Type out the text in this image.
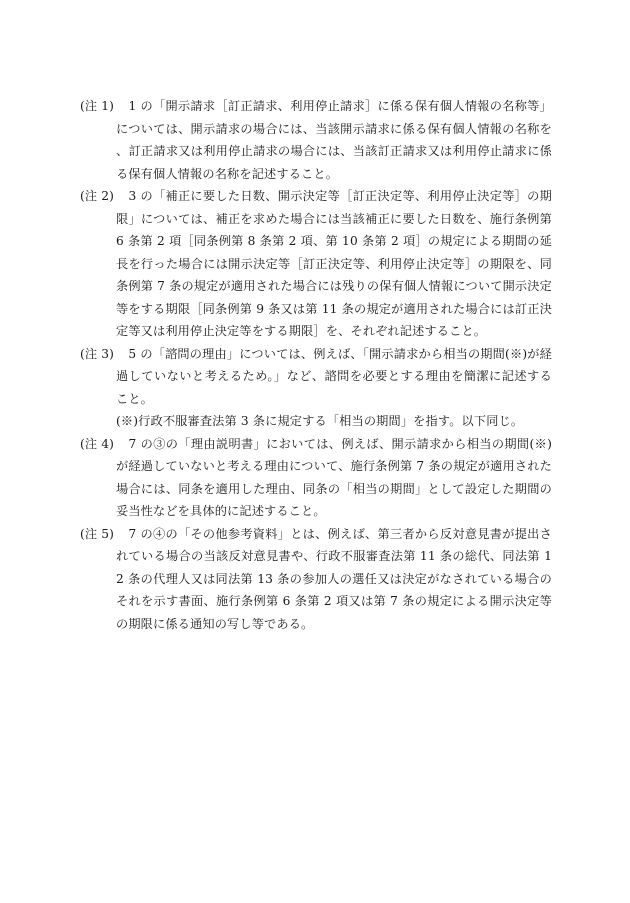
(注 1) 　1 の「開示請求［訂正請求、利用停止請求］に係る保有個人情報の名称等」については、開示請求の場合には、当該開示請求に係る保有個人情報の名称を、訂正請求又は利用停止請求の場合には、当該訂正請求又は利用停止請求に係る保有個人情報の名称を記述すること。
(注 2) 　3 の「補正に要した日数、開示決定等［訂正決定等、利用停止決定等］の期限」については、補正を求めた場合には当該補正に要した日数を、施行条例第 6 条第 2 項［同条例第 8 条第 2 項、第 10 条第 2 項］の規定による期間の延長を行った場合には開示決定等［訂正決定等、利用停止決定等］の期限を、同条例第 7 条の規定が適用された場合には残りの保有個人情報について開示決定等をする期限［同条例第 9 条又は第 11 条の規定が適用された場合には訂正決定等又は利用停止決定等をする期限］を、それぞれ記述すること。
(注 3) 　5 の「諮問の理由」については、例えば、「開示請求から相当の期間(※)が経過していないと考えるため。」など、諮問を必要とする理由を簡潔に記述すること。
(※)行政不服審査法第 3 条に規定する「相当の期間」を指す。以下同じ。
(注 4) 　7 の③の「理由説明書」においては、例えば、開示請求から相当の期間(※)が経過していないと考える理由について、施行条例第 7 条の規定が適用された場合には、同条を適用した理由、同条の「相当の期間」として設定した期間の妥当性などを具体的に記述すること。
(注 5) 　7 の④の「その他参考資料」とは、例えば、第三者から反対意見書が提出されている場合の当該反対意見書や、行政不服審査法第 11 条の総代、同法第 12 条の代理人又は同法第 13 条の参加人の選任又は決定がなされている場合のそれを示す書面、施行条例第 6 条第 2 項又は第 7 条の規定による開示決定等の期限に係る通知の写し等である。
